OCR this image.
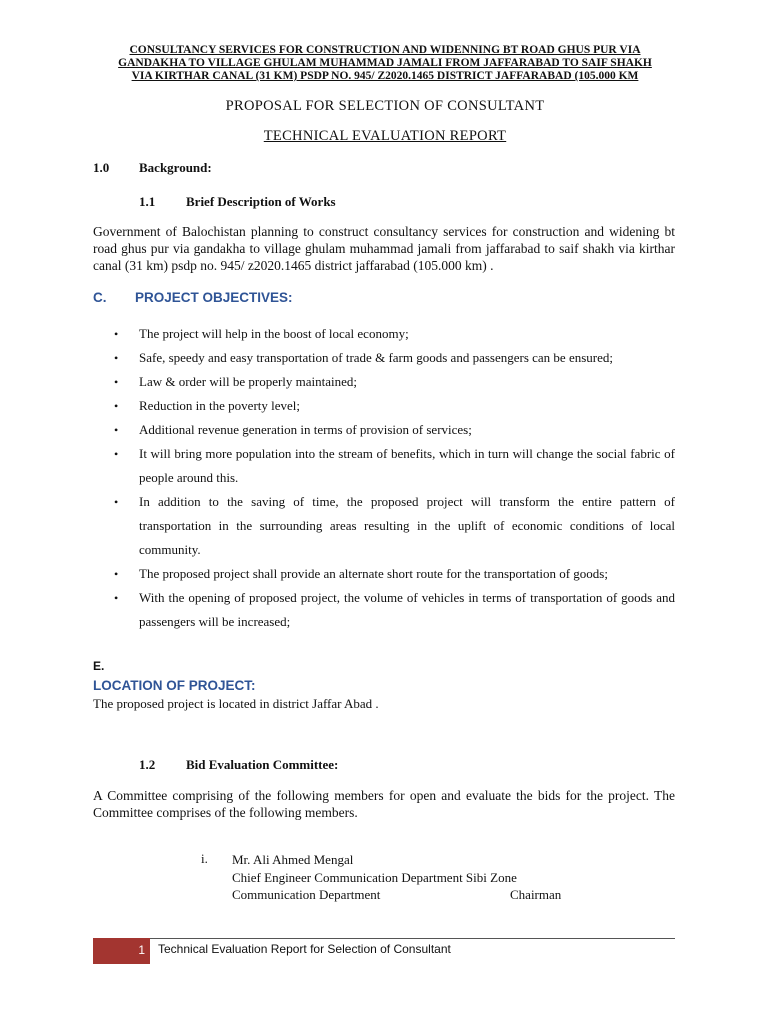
CONSULTANCY SERVICES FOR CONSTRUCTION AND WIDENNING BT ROAD GHUS PUR VIA
GANDAKHA TO VILLAGE GHULAM MUHAMMAD JAMALI FROM JAFFARABAD TO SAIF SHAKH
VIA KIRTHAR CANAL (31 KM) PSDP NO. 945/ Z2020.1465 DISTRICT JAFFARABAD (105.000 KM
PROPOSAL FOR SELECTION OF CONSULTANT
TECHNICAL EVALUATION REPORT
1.0 Background:
1.1 Brief Description of Works
Government of Balochistan planning to construct consultancy services for construction and widening bt road ghus pur via gandakha to village ghulam muhammad jamali from jaffarabad to saif shakh via kirthar canal (31 km) psdp no. 945/ z2020.1465 district jaffarabad (105.000 km) .
C. PROJECT OBJECTIVES:
• The project will help in the boost of local economy;
• Safe, speedy and easy transportation of trade & farm goods and passengers can be ensured;
• Law & order will be properly maintained;
• Reduction in the poverty level;
• Additional revenue generation in terms of provision of services;
• It will bring more population into the stream of benefits, which in turn will change the social fabric of people around this.
• In addition to the saving of time, the proposed project will transform the entire pattern of transportation in the surrounding areas resulting in the uplift of economic conditions of local community.
• The proposed project shall provide an alternate short route for the transportation of goods;
• With the opening of proposed project, the volume of vehicles in terms of transportation of goods and passengers will be increased;
E.
LOCATION OF PROJECT:
The proposed project is located in district Jaffar Abad .
1.2 Bid Evaluation Committee:
A Committee comprising of the following members for open and evaluate the bids for the project. The Committee comprises of the following members.
i. Mr. Ali Ahmed Mengal
Chief Engineer Communication Department Sibi Zone
Communication Department	Chairman
1	Technical Evaluation Report for Selection of Consultant
